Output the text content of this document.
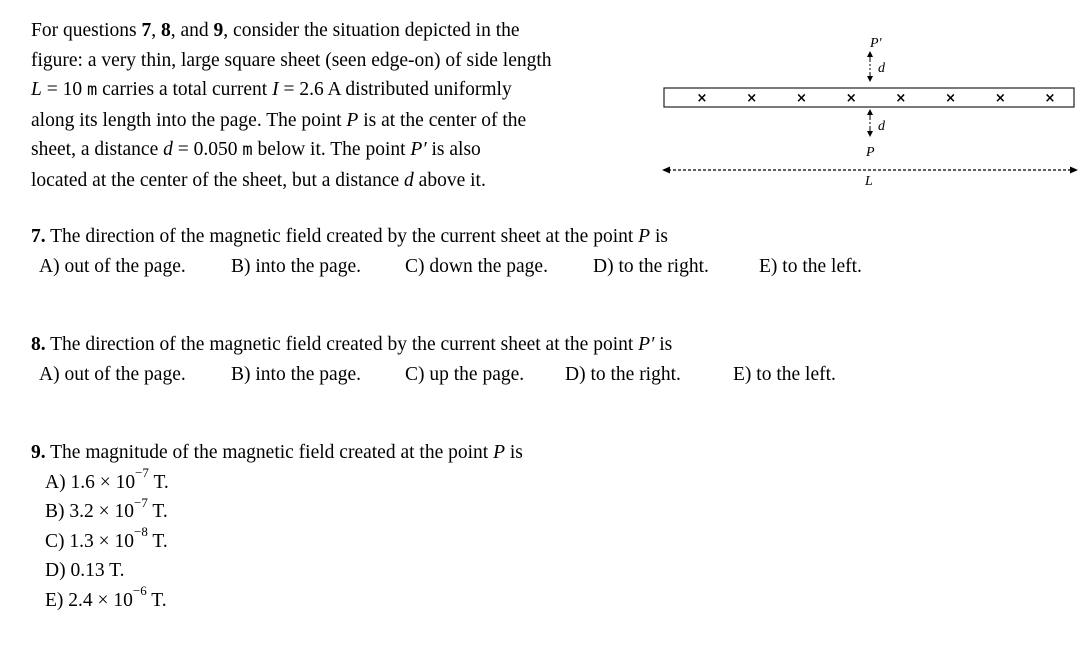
For questions 7, 8, and 9, consider the situation depicted in the
figure: a very thin, large square sheet (seen edge-on) of side length
L = 10 m carries a total current I = 2.6 A distributed uniformly
along its length into the page. The point P is at the center of the
sheet, a distance d = 0.050 m below it. The point P′ is also
located at the center of the sheet, but a distance d above it.
×	×	×	×	×	×	×	×
P′
d
d
P
L
7. The direction of the magnetic field created by the current sheet at the point P is
A) out of the page. B) into the page. C) down the page. D) to the right.	E) to the left.
8. The direction of the magnetic field created by the current sheet at the point P′ is
A) out of the page. B) into the page. C) up the page. D) to the right.	E) to the left.
9. The magnitude of the magnetic field created at the point P is
A) $1.6 \times 10^{-7}$ T.
B) $3.2 \times 10^{-7}$ T.
C) $1.3 \times 10^{-8}$ T.
D) 0.13 T.
E) $2.4 \times 10^{-6}$ T.
